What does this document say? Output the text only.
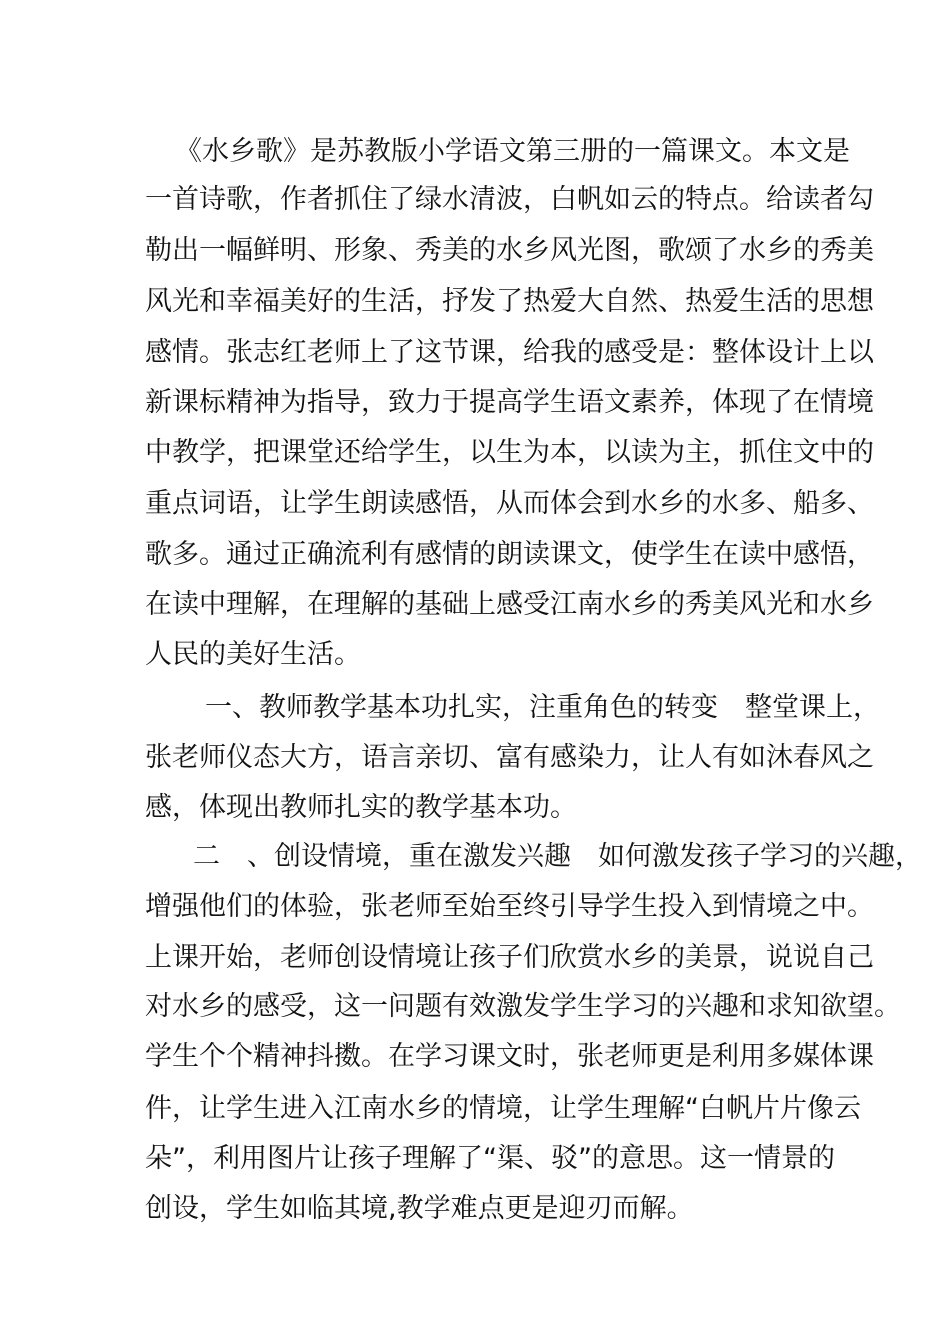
《水乡歌》是苏教版小学语文第三册的一篇课文。本文是
一首诗歌，作者抓住了绿水清波，白帆如云的特点。给读者勾
勒出一幅鲜明、形象、秀美的水乡风光图，歌颂了水乡的秀美
风光和幸福美好的生活，抒发了热爱大自然、热爱生活的思想
感情。张志红老师上了这节课，给我的感受是：整体设计上以
新课标精神为指导，致力于提高学生语文素养，体现了在情境
中教学，把课堂还给学生，以生为本，以读为主，抓住文中的
重点词语，让学生朗读感悟，从而体会到水乡的水多、船多、
歌多。通过正确流利有感情的朗读课文，使学生在读中感悟，
在读中理解，在理解的基础上感受江南水乡的秀美风光和水乡
人民的美好生活。
一、教师教学基本功扎实，注重角色的转变　整堂课上，
张老师仪态大方，语言亲切、富有感染力，让人有如沐春风之
感，体现出教师扎实的教学基本功。
二　、创设情境，重在激发兴趣　如何激发孩子学习的兴趣，
增强他们的体验，张老师至始至终引导学生投入到情境之中。
上课开始，老师创设情境让孩子们欣赏水乡的美景，说说自己
对水乡的感受，这一问题有效激发学生学习的兴趣和求知欲望。
学生个个精神抖擞。在学习课文时，张老师更是利用多媒体课
件，让学生进入江南水乡的情境，让学生理解“白帆片片像云
朵”，利用图片让孩子理解了“渠、驳”的意思。这一情景的
创设，学生如临其境,教学难点更是迎刃而解。
